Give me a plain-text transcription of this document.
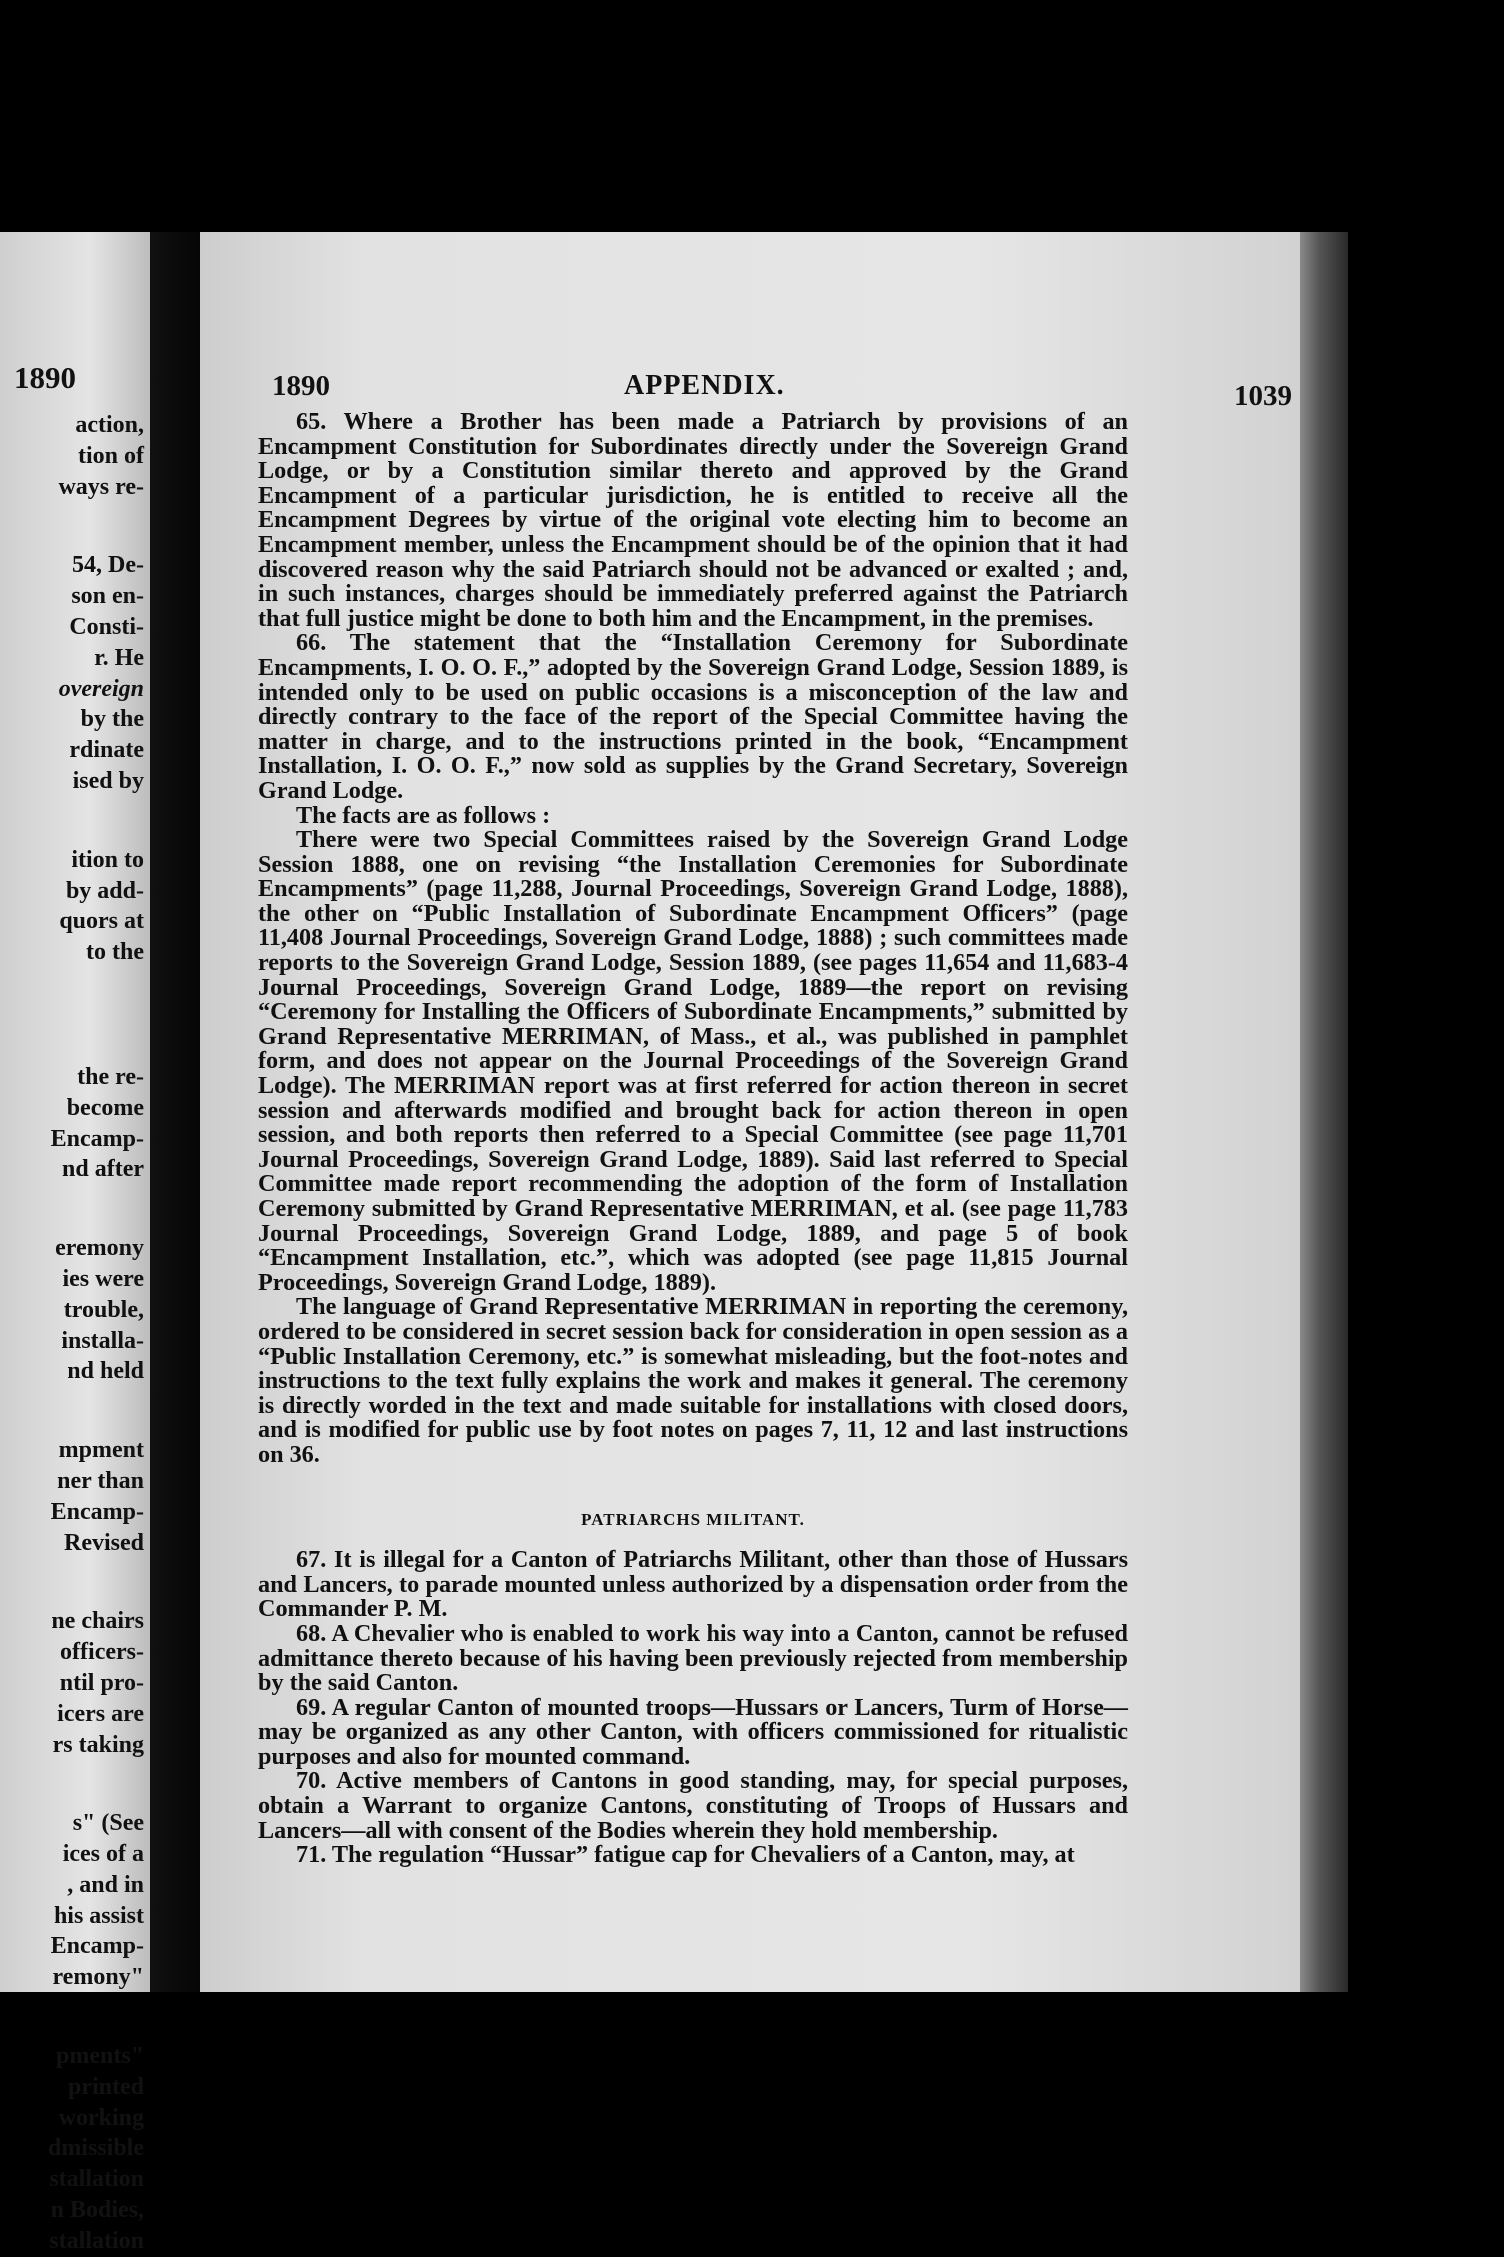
1890
action,
tion of
ways re-
54, De-
son en-
Consti-
r. He
overeign
by the
rdinate
ised by
ition to
by add-
quors at
to the
the re-
become
Encamp-
nd after
eremony
ies were
trouble,
installa-
nd held
mpment
ner than
Encamp-
Revised
ne chairs
officers-
ntil pro-
icers are
rs taking
s" (See
ices of a
, and in
his assist
Encamp-
remony"
pments"
printed
working
dmissible
stallation
n Bodies,
stallation
1890	APPENDIX.	1039

65. Where a Brother has been made a Patriarch by provisions of an Encampment Constitution for Subordinates directly under the Sovereign Grand Lodge, or by a Constitution similar thereto and approved by the Grand Encampment of a particular jurisdiction, he is entitled to receive all the Encampment Degrees by virtue of the original vote electing him to become an Encampment member, unless the Encampment should be of the opinion that it had discovered reason why the said Patriarch should not be advanced or exalted ; and, in such instances, charges should be immediately preferred against the Patriarch that full justice might be done to both him and the Encampment, in the premises.

66. The statement that the “Installation Ceremony for Subordinate Encampments, I. O. O. F.,” adopted by the Sovereign Grand Lodge, Session 1889, is intended only to be used on public occasions is a misconception of the law and directly contrary to the face of the report of the Special Committee having the matter in charge, and to the instructions printed in the book, “Encampment Installation, I. O. O. F.,” now sold as supplies by the Grand Secretary, Sovereign Grand Lodge.

The facts are as follows :

There were two Special Committees raised by the Sovereign Grand Lodge Session 1888, one on revising “the Installation Ceremonies for Subordinate Encampments” (page 11,288, Journal Proceedings, Sovereign Grand Lodge, 1888), the other on “Public Installation of Subordinate Encampment Officers” (page 11,408 Journal Proceedings, Sovereign Grand Lodge, 1888) ; such committees made reports to the Sovereign Grand Lodge, Session 1889, (see pages 11,654 and 11,683-4 Journal Proceedings, Sovereign Grand Lodge, 1889—the report on revising “Ceremony for Installing the Officers of Subordinate Encampments,” submitted by Grand Representative MERRIMAN, of Mass., et al., was published in pamphlet form, and does not appear on the Journal Proceedings of the Sovereign Grand Lodge). The MERRIMAN report was at first referred for action thereon in secret session and afterwards modified and brought back for action thereon in open session, and both reports then referred to a Special Committee (see page 11,701 Journal Proceedings, Sovereign Grand Lodge, 1889). Said last referred to Special Committee made report recommending the adoption of the form of Installation Ceremony submitted by Grand Representative MERRIMAN, et al. (see page 11,783 Journal Proceedings, Sovereign Grand Lodge, 1889, and page 5 of book “Encampment Installation, etc.”, which was adopted (see page 11,815 Journal Proceedings, Sovereign Grand Lodge, 1889).

The language of Grand Representative MERRIMAN in reporting the ceremony, ordered to be considered in secret session back for consideration in open session as a “Public Installation Ceremony, etc.” is somewhat misleading, but the foot-notes and instructions to the text fully explains the work and makes it general. The ceremony is directly worded in the text and made suitable for installations with closed doors, and is modified for public use by foot notes on pages 7, 11, 12 and last instructions on 36.

PATRIARCHS MILITANT.

67. It is illegal for a Canton of Patriarchs Militant, other than those of Hussars and Lancers, to parade mounted unless authorized by a dispensation order from the Commander P. M.

68. A Chevalier who is enabled to work his way into a Canton, cannot be refused admittance thereto because of his having been previously rejected from membership by the said Canton.

69. A regular Canton of mounted troops—Hussars or Lancers, Turm of Horse—may be organized as any other Canton, with officers commissioned for ritualistic purposes and also for mounted command.

70. Active members of Cantons in good standing, may, for special purposes, obtain a Warrant to organize Cantons, constituting of Troops of Hussars and Lancers—all with consent of the Bodies wherein they hold membership.

71. The regulation “Hussar” fatigue cap for Chevaliers of a Canton, may, at
